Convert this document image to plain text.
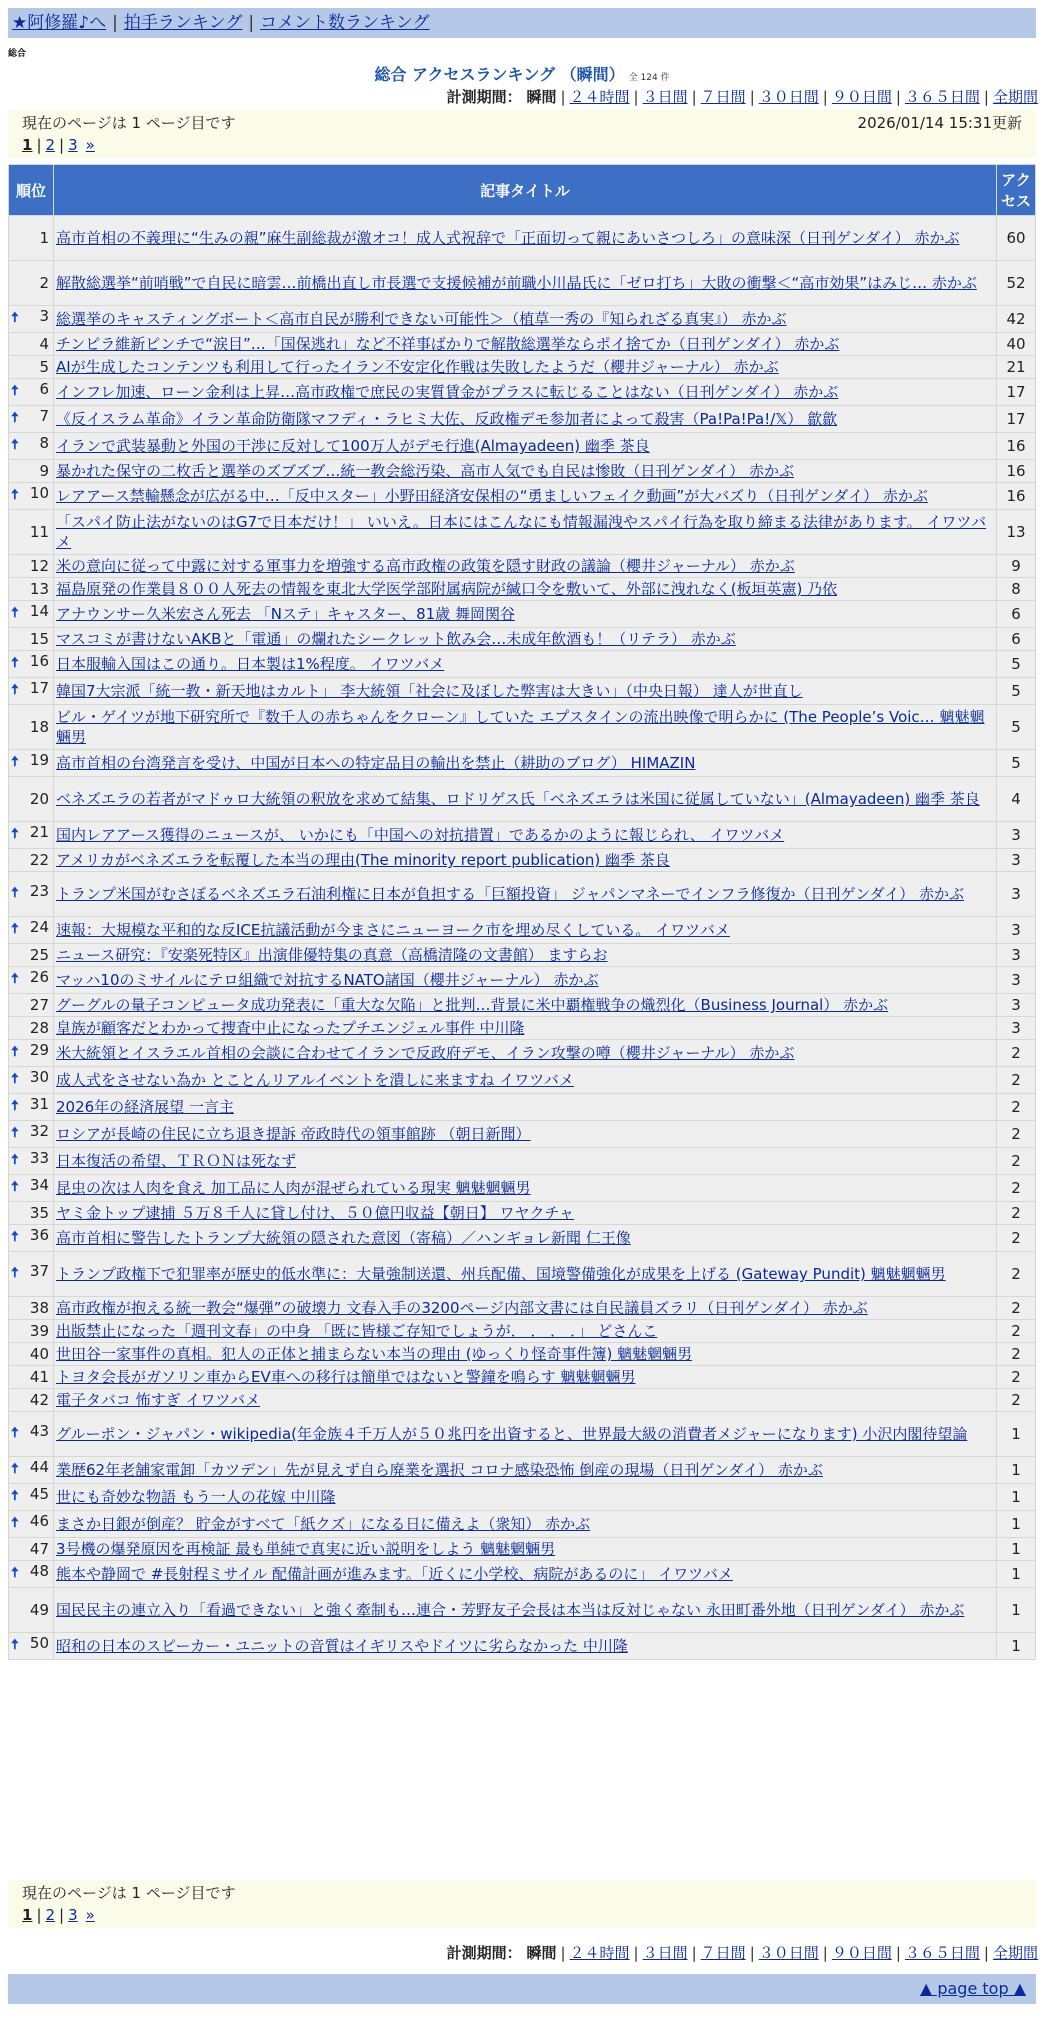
★阿修羅♪へ | 拍手ランキング | コメント数ランキング
総合
総合 アクセスランキング （瞬間） 全 124 件
計測期間： 瞬間 | ２４時間 | ３日間 | ７日間 | ３０日間 | ９０日間 | ３６５日間 | 全期間
現在のページは 1 ページ目です	2026/01/14 15:31更新
1 | 2 | 3 »
順位	記事タイトル	アクセス
1	高市首相の不義理に“生みの親”麻生副総裁が激オコ！成人式祝辞で「正面切って親にあいさつしろ」の意味深（日刊ゲンダイ） 赤かぶ	60
2	解散総選挙“前哨戦”で自民に暗雲…前橋出直し市長選で支援候補が前職小川晶氏に「ゼロ打ち」大敗の衝撃＜“高市効果”はみじ… 赤かぶ	52

🠅 3	総選挙のキャスティングボート＜高市自民が勝利できない可能性＞（植草一秀の『知られざる真実』） 赤かぶ	42
4	チンピラ維新ピンチで“涙目”…「国保逃れ」など不祥事ばかりで解散総選挙ならポイ捨てか（日刊ゲンダイ） 赤かぶ	40
5	AIが生成したコンテンツも利用して行ったイラン不安定化作戦は失敗したようだ（櫻井ジャーナル） 赤かぶ	21

🠅 6	インフレ加速、ローン金利は上昇…高市政権で庶民の実質賃金がプラスに転じることはない（日刊ゲンダイ） 赤かぶ	17

🠅 7	《反イスラム革命》イラン革命防衛隊マフディ・ラヒミ大佐、反政権デモ参加者によって殺害（Pa!Pa!Pa!/𝕏） 歙歙	17

🠅 8	イランで武装暴動と外国の干渉に反対して100万人がデモ行進(Almayadeen) 幽季 茶良	16
9	暴かれた保守の二枚舌と選挙のズブズブ…統一教会総汚染、高市人気でも自民は惨敗（日刊ゲンダイ） 赤かぶ	16

🠅 10	レアアース禁輸懸念が広がる中…「反中スター」小野田経済安保相の“勇ましいフェイク動画”が大バズり（日刊ゲンダイ） 赤かぶ	16
11	「スパイ防止法がないのはG7で日本だけ！」 いいえ。日本にはこんなにも情報漏洩やスパイ行為を取り締まる法律があります。 イワツバメ	13
12	米の意向に従って中露に対する軍事力を増強する高市政権の政策を隠す財政の議論（櫻井ジャーナル） 赤かぶ	9
13	福島原発の作業員８００人死去の情報を東北大学医学部附属病院が緘口令を敷いて、外部に洩れなく(板垣英憲) 乃依	8

🠅 14	アナウンサー久米宏さん死去 「Nステ」キャスター、81歳 舞岡関谷	6
15	マスコミが書けないAKBと「電通」の爛れたシークレット飲み会…未成年飲酒も！（リテラ） 赤かぶ	6

🠅 16	日本服輸入国はこの通り。日本製は1%程度。 イワツバメ	5

🠅 17	韓国7大宗派「統一教・新天地はカルト」 李大統領「社会に及ぼした弊害は大きい」（中央日報） 達人が世直し	5
18	ビル・ゲイツが地下研究所で『数千人の赤ちゃんをクローン』していた エプスタインの流出映像で明らかに (The People’s Voic… 魑魅魍魎男	5

🠅 19	高市首相の台湾発言を受け、中国が日本への特定品目の輸出を禁止（耕助のブログ） HIMAZIN	5
20	ベネズエラの若者がマドゥロ大統領の釈放を求めて結集、ロドリゲス氏「ベネズエラは米国に従属していない」(Almayadeen) 幽季 茶良	4

🠅 21	国内レアアース獲得のニュースが、 いかにも「中国への対抗措置」であるかのように報じられ、 イワツバメ	3
22	アメリカがベネズエラを転覆した本当の理由(The minority report publication) 幽季 茶良	3

🠅 23	トランプ米国がむさぼるベネズエラ石油利権に日本が負担する「巨額投資」 ジャパンマネーでインフラ修復か（日刊ゲンダイ） 赤かぶ	3

🠅 24	速報：大規模な平和的な反ICE抗議活動が今まさにニューヨーク市を埋め尽くしている。 イワツバメ	3
25	ニュース研究：『安楽死特区』出演俳優特集の真意（高橋清隆の文書館） ますらお	3

🠅 26	マッハ10のミサイルにテロ組織で対抗するNATO諸国（櫻井ジャーナル） 赤かぶ	3
27	グーグルの量子コンピュータ成功発表に「重大な欠陥」と批判…背景に米中覇権戦争の熾烈化（Business Journal） 赤かぶ	3
28	皇族が顧客だとわかって捜査中止になったプチエンジェル事件 中川隆	3

🠅 29	米大統領とイスラエル首相の会談に合わせてイランで反政府デモ、イラン攻撃の噂（櫻井ジャーナル） 赤かぶ	2

🠅 30	成人式をさせない為か とことんリアルイベントを潰しに来ますね イワツバメ	2

🠅 31	2026年の経済展望 一言主	2

🠅 32	ロシアが長崎の住民に立ち退き提訴 帝政時代の領事館跡 （朝日新聞）	2

🠅 33	日本復活の希望、ＴＲＯＮは死なず	2

🠅 34	昆虫の次は人肉を食え 加工品に人肉が混ぜられている現実 魑魅魍魎男	2
35	ヤミ金トップ逮捕 ５万８千人に貸し付け、５０億円収益【朝日】 ワヤクチャ	2

🠅 36	高市首相に警告したトランプ大統領の隠された意図（寄稿）／ハンギョレ新聞 仁王像	2

🠅 37	トランプ政権下で犯罪率が歴史的低水準に：大量強制送還、州兵配備、国境警備強化が成果を上げる (Gateway Pundit) 魑魅魍魎男	2
38	高市政権が抱える統一教会“爆弾”の破壊力 文春入手の3200ページ内部文書には自民議員ズラリ（日刊ゲンダイ） 赤かぶ	2
39	出版禁止になった「週刊文春」の中身 「既に皆様ご存知でしょうが． ． ． ．」 どさんこ	2
40	世田谷一家事件の真相。犯人の正体と捕まらない本当の理由 (ゆっくり怪奇事件簿) 魑魅魍魎男	2
41	トヨタ会長がガソリン車からEV車への移行は簡単ではないと警鐘を鳴らす 魑魅魍魎男	2
42	電子タバコ 怖すぎ イワツバメ	2

🠅 43	グルーポン・ジャパン・wikipedia(年金族４千万人が５０兆円を出資すると、世界最大級の消費者メジャーになります) 小沢内閣待望論	1

🠅 44	業歴62年老舗家電卸「カツデン」先が見えず自ら廃業を選択 コロナ感染恐怖 倒産の現場（日刊ゲンダイ） 赤かぶ	1

🠅 45	世にも奇妙な物語 もう一人の花嫁 中川隆	1

🠅 46	まさか日銀が倒産？ 貯金がすべて「紙クズ」になる日に備えよ（衆知） 赤かぶ	1
47	3号機の爆発原因を再検証 最も単純で真実に近い説明をしよう 魑魅魍魎男	1

🠅 48	熊本や静岡で #長射程ミサイル 配備計画が進みます。「近くに小学校、病院があるのに」 イワツバメ	1
49	国民民主の連立入り「看過できない」と強く牽制も…連合・芳野友子会長は本当は反対じゃない 永田町番外地（日刊ゲンダイ） 赤かぶ	1

🠅 50	昭和の日本のスピーカー・ユニットの音質はイギリスやドイツに劣らなかった 中川隆	1
現在のページは 1 ページ目です
1 | 2 | 3 »
計測期間： 瞬間 | ２４時間 | ３日間 | ７日間 | ３０日間 | ９０日間 | ３６５日間 | 全期間
▲ page top ▲
